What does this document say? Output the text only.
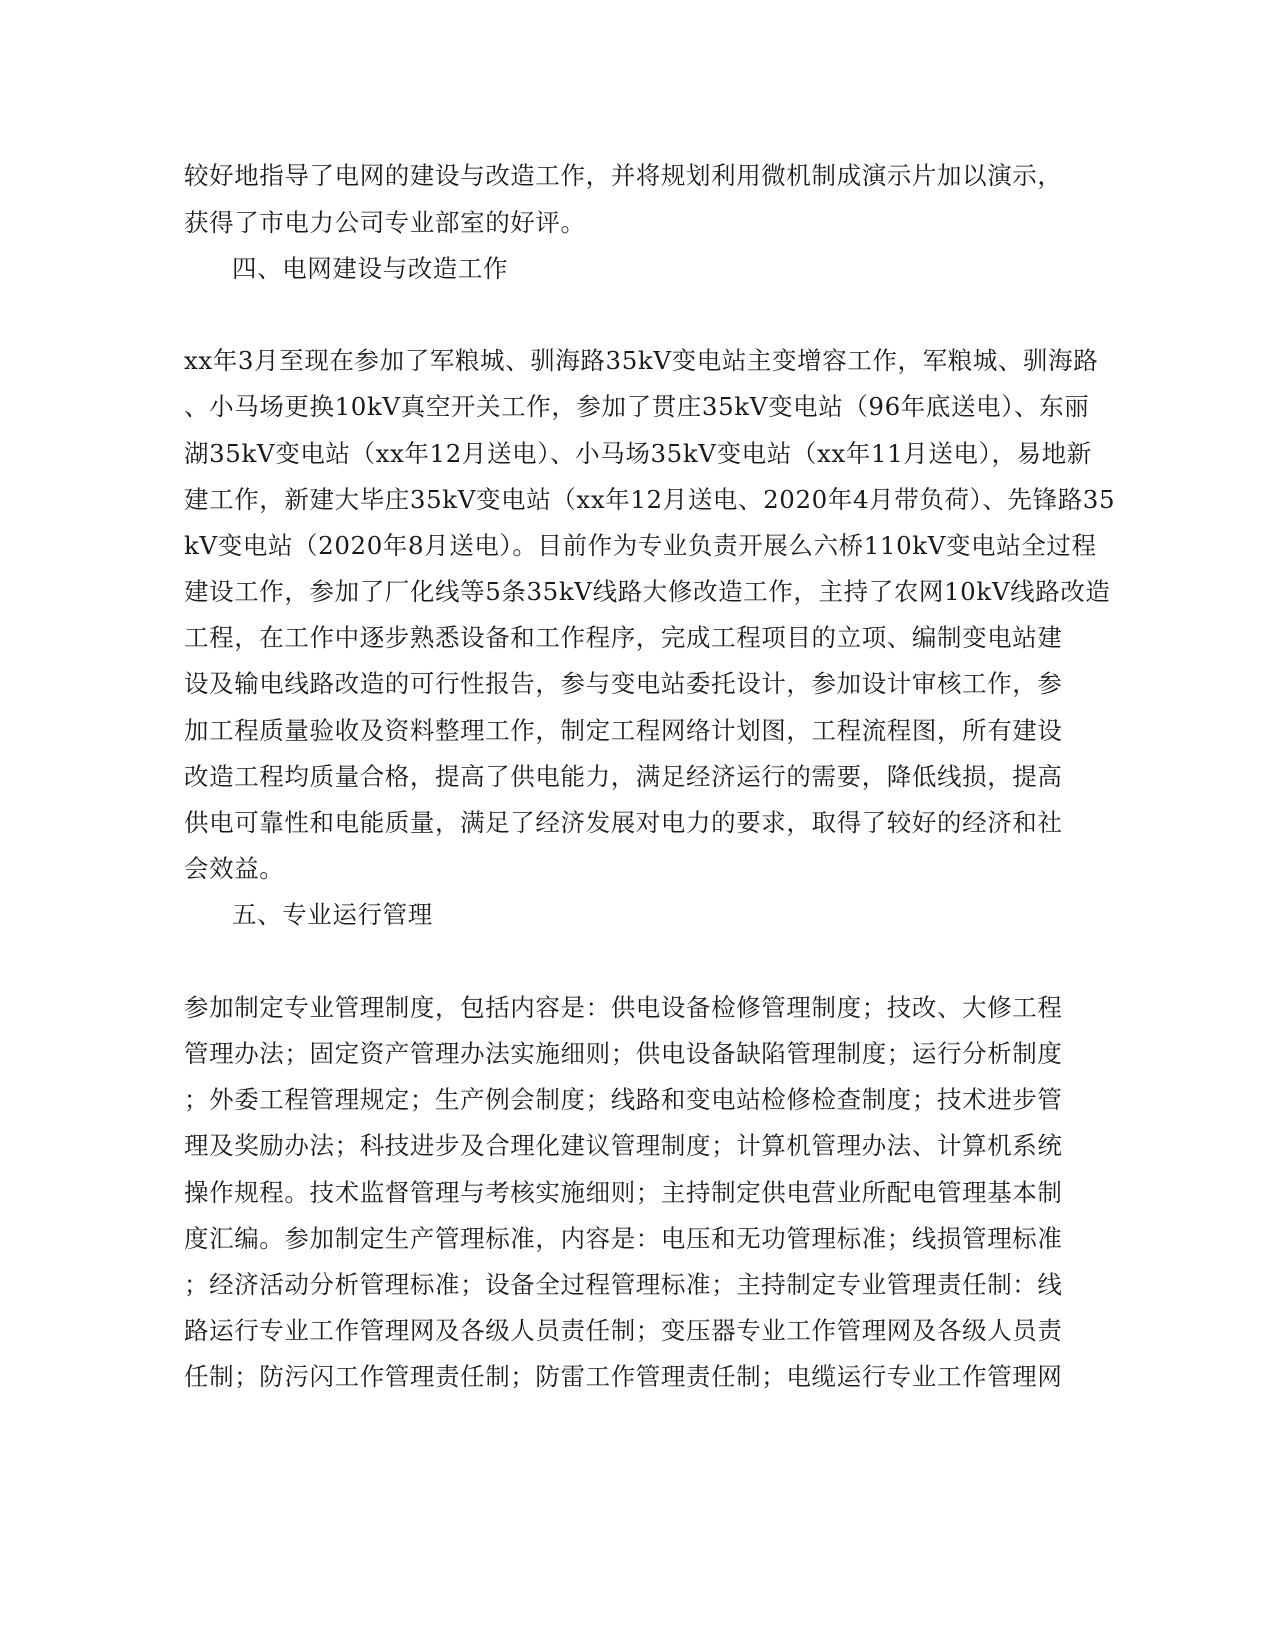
较好地指导了电网的建设与改造工作，并将规划利用微机制成演示片加以演示，
获得了市电力公司专业部室的好评。
四、电网建设与改造工作
xx年3月至现在参加了军粮城、驯海路35kV变电站主变增容工作，军粮城、驯海路
、小马场更换10kV真空开关工作，参加了贯庄35kV变电站（96年底送电）、东丽
湖35kV变电站（xx年12月送电）、小马场35kV变电站（xx年11月送电），易地新
建工作，新建大毕庄35kV变电站（xx年12月送电、2020年4月带负荷）、先锋路35
kV变电站（2020年8月送电）。目前作为专业负责开展么六桥110kV变电站全过程
建设工作，参加了厂化线等5条35kV线路大修改造工作，主持了农网10kV线路改造
工程，在工作中逐步熟悉设备和工作程序，完成工程项目的立项、编制变电站建
设及输电线路改造的可行性报告，参与变电站委托设计，参加设计审核工作，参
加工程质量验收及资料整理工作，制定工程网络计划图，工程流程图，所有建设
改造工程均质量合格，提高了供电能力，满足经济运行的需要，降低线损，提高
供电可靠性和电能质量，满足了经济发展对电力的要求，取得了较好的经济和社
会效益。
五、专业运行管理
参加制定专业管理制度，包括内容是：供电设备检修管理制度；技改、大修工程
管理办法；固定资产管理办法实施细则；供电设备缺陷管理制度；运行分析制度
；外委工程管理规定；生产例会制度；线路和变电站检修检查制度；技术进步管
理及奖励办法；科技进步及合理化建议管理制度；计算机管理办法、计算机系统
操作规程。技术监督管理与考核实施细则；主持制定供电营业所配电管理基本制
度汇编。参加制定生产管理标准，内容是：电压和无功管理标准；线损管理标准
；经济活动分析管理标准；设备全过程管理标准；主持制定专业管理责任制：线
路运行专业工作管理网及各级人员责任制；变压器专业工作管理网及各级人员责
任制；防污闪工作管理责任制；防雷工作管理责任制；电缆运行专业工作管理网
